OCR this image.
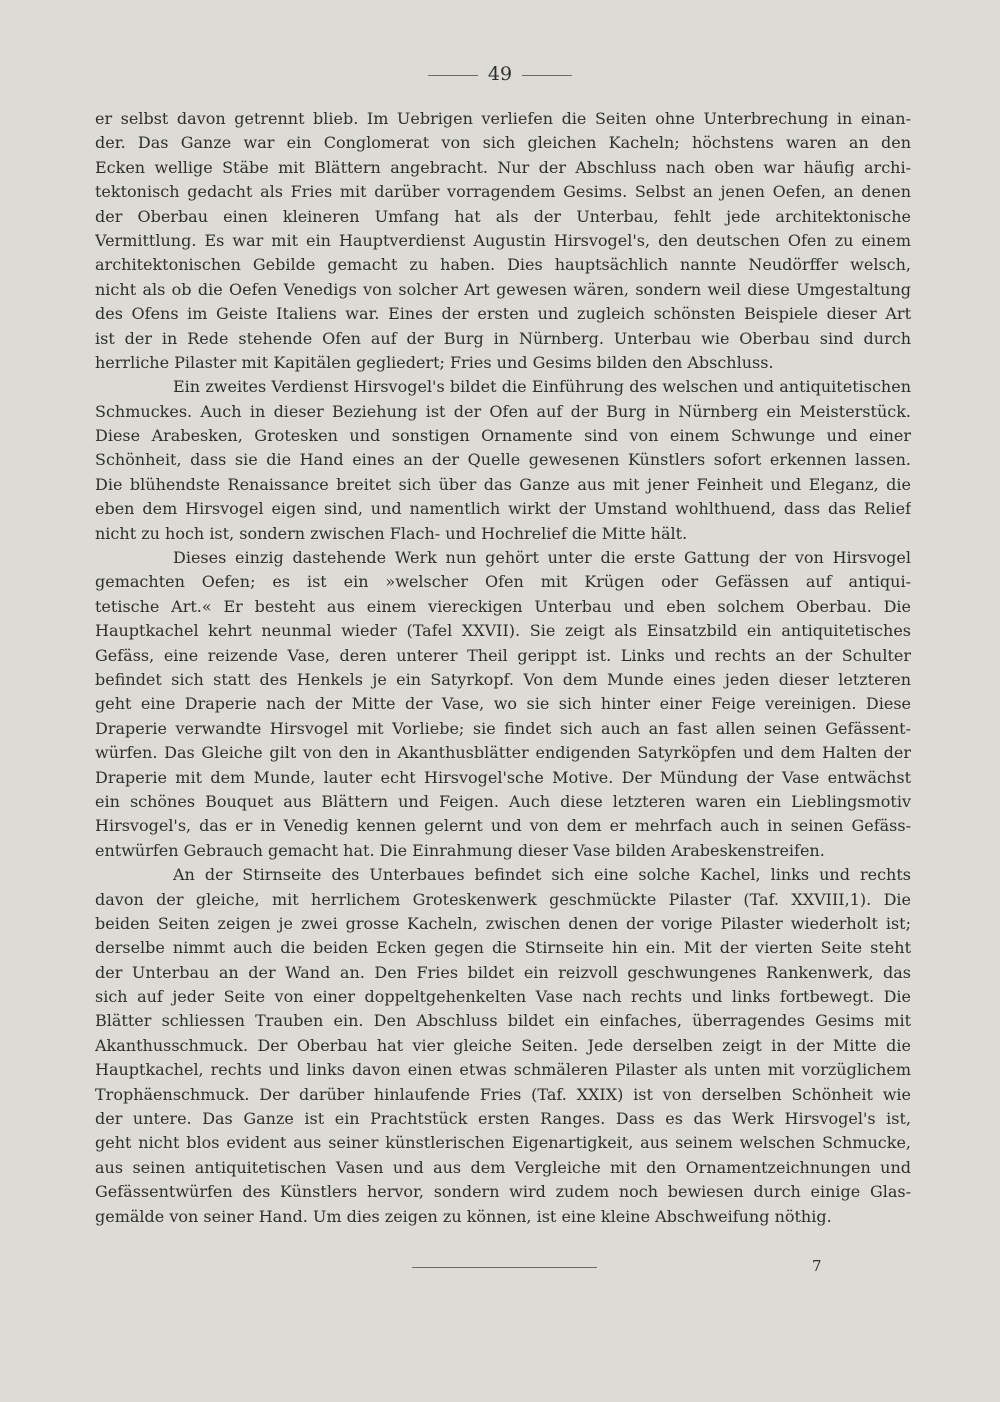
49
er selbst davon getrennt blieb. Im Uebrigen verliefen die Seiten ohne Unterbrechung in einan-
der. Das Ganze war ein Conglomerat von sich gleichen Kacheln; höchstens waren an den
Ecken wellige Stäbe mit Blättern angebracht. Nur der Abschluss nach oben war häufig archi-
tektonisch gedacht als Fries mit darüber vorragendem Gesims. Selbst an jenen Oefen, an denen
der Oberbau einen kleineren Umfang hat als der Unterbau, fehlt jede architektonische
Vermittlung. Es war mit ein Hauptverdienst Augustin Hirsvogel's, den deutschen Ofen zu einem
architektonischen Gebilde gemacht zu haben. Dies hauptsächlich nannte Neudörffer welsch,
nicht als ob die Oefen Venedigs von solcher Art gewesen wären, sondern weil diese Umgestaltung
des Ofens im Geiste Italiens war. Eines der ersten und zugleich schönsten Beispiele dieser Art
ist der in Rede stehende Ofen auf der Burg in Nürnberg. Unterbau wie Oberbau sind durch
herrliche Pilaster mit Kapitälen gegliedert; Fries und Gesims bilden den Abschluss.
Ein zweites Verdienst Hirsvogel's bildet die Einführung des welschen und antiquitetischen
Schmuckes. Auch in dieser Beziehung ist der Ofen auf der Burg in Nürnberg ein Meisterstück.
Diese Arabesken, Grotesken und sonstigen Ornamente sind von einem Schwunge und einer
Schönheit, dass sie die Hand eines an der Quelle gewesenen Künstlers sofort erkennen lassen.
Die blühendste Renaissance breitet sich über das Ganze aus mit jener Feinheit und Eleganz, die
eben dem Hirsvogel eigen sind, und namentlich wirkt der Umstand wohlthuend, dass das Relief
nicht zu hoch ist, sondern zwischen Flach- und Hochrelief die Mitte hält.
Dieses einzig dastehende Werk nun gehört unter die erste Gattung der von Hirsvogel
gemachten Oefen; es ist ein »welscher Ofen mit Krügen oder Gefässen auf antiqui-
tetische Art.« Er besteht aus einem viereckigen Unterbau und eben solchem Oberbau. Die
Hauptkachel kehrt neunmal wieder (Tafel XXVII). Sie zeigt als Einsatzbild ein antiquitetisches
Gefäss, eine reizende Vase, deren unterer Theil gerippt ist. Links und rechts an der Schulter
befindet sich statt des Henkels je ein Satyrkopf. Von dem Munde eines jeden dieser letzteren
geht eine Draperie nach der Mitte der Vase, wo sie sich hinter einer Feige vereinigen. Diese
Draperie verwandte Hirsvogel mit Vorliebe; sie findet sich auch an fast allen seinen Gefässent-
würfen. Das Gleiche gilt von den in Akanthusblätter endigenden Satyrköpfen und dem Halten der
Draperie mit dem Munde, lauter echt Hirsvogel'sche Motive. Der Mündung der Vase entwächst
ein schönes Bouquet aus Blättern und Feigen. Auch diese letzteren waren ein Lieblingsmotiv
Hirsvogel's, das er in Venedig kennen gelernt und von dem er mehrfach auch in seinen Gefäss-
entwürfen Gebrauch gemacht hat. Die Einrahmung dieser Vase bilden Arabeskenstreifen.
An der Stirnseite des Unterbaues befindet sich eine solche Kachel, links und rechts
davon der gleiche, mit herrlichem Groteskenwerk geschmückte Pilaster (Taf. XXVIII,1). Die
beiden Seiten zeigen je zwei grosse Kacheln, zwischen denen der vorige Pilaster wiederholt ist;
derselbe nimmt auch die beiden Ecken gegen die Stirnseite hin ein. Mit der vierten Seite steht
der Unterbau an der Wand an. Den Fries bildet ein reizvoll geschwungenes Rankenwerk, das
sich auf jeder Seite von einer doppeltgehenkelten Vase nach rechts und links fortbewegt. Die
Blätter schliessen Trauben ein. Den Abschluss bildet ein einfaches, überragendes Gesims mit
Akanthusschmuck. Der Oberbau hat vier gleiche Seiten. Jede derselben zeigt in der Mitte die
Hauptkachel, rechts und links davon einen etwas schmäleren Pilaster als unten mit vorzüglichem
Trophäenschmuck. Der darüber hinlaufende Fries (Taf. XXIX) ist von derselben Schönheit wie
der untere. Das Ganze ist ein Prachtstück ersten Ranges. Dass es das Werk Hirsvogel's ist,
geht nicht blos evident aus seiner künstlerischen Eigenartigkeit, aus seinem welschen Schmucke,
aus seinen antiquitetischen Vasen und aus dem Vergleiche mit den Ornamentzeichnungen und
Gefässentwürfen des Künstlers hervor, sondern wird zudem noch bewiesen durch einige Glas-
gemälde von seiner Hand. Um dies zeigen zu können, ist eine kleine Abschweifung nöthig.
7
